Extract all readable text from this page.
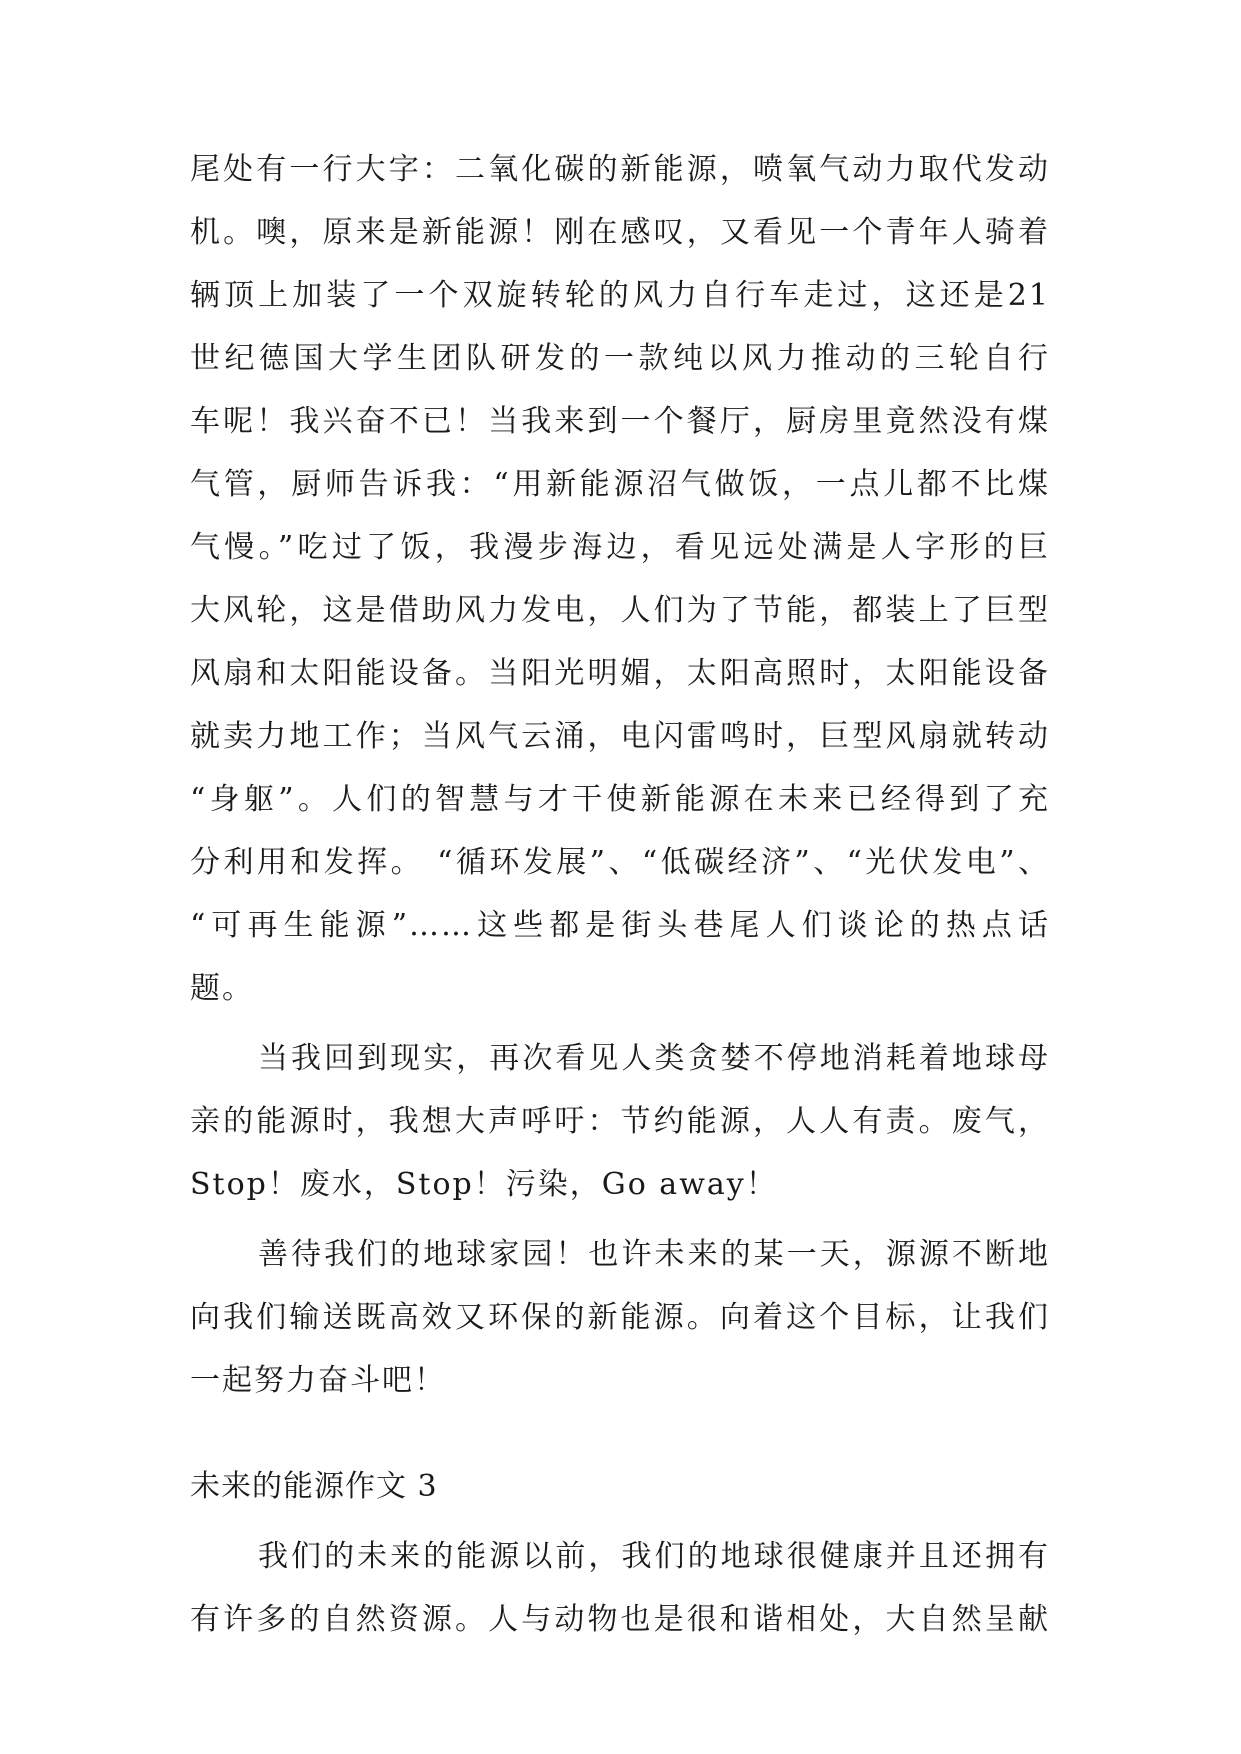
尾处有一行大字：二氧化碳的新能源，喷氧气动力取代发动
机。噢，原来是新能源！刚在感叹，又看见一个青年人骑着
辆顶上加装了一个双旋转轮的风力自行车走过，这还是21
世纪德国大学生团队研发的一款纯以风力推动的三轮自行
车呢！我兴奋不已！当我来到一个餐厅，厨房里竟然没有煤
气管，厨师告诉我：“用新能源沼气做饭，一点儿都不比煤
气慢。”吃过了饭，我漫步海边，看见远处满是人字形的巨
大风轮，这是借助风力发电，人们为了节能，都装上了巨型
风扇和太阳能设备。当阳光明媚，太阳高照时，太阳能设备
就卖力地工作；当风气云涌，电闪雷鸣时，巨型风扇就转动
“身躯”。人们的智慧与才干使新能源在未来已经得到了充
分利用和发挥。 “循环发展”、“低碳经济”、“光伏发电”、
“可再生能源”……这些都是街头巷尾人们谈论的热点话
题。
当我回到现实，再次看见人类贪婪不停地消耗着地球母
亲的能源时，我想大声呼吁：节约能源，人人有责。废气，
Stop！废水，Stop！污染，Go away！
善待我们的地球家园！也许未来的某一天，源源不断地
向我们输送既高效又环保的新能源。向着这个目标，让我们
一起努力奋斗吧！
未来的能源作文 3
我们的未来的能源以前，我们的地球很健康并且还拥有
有许多的自然资源。人与动物也是很和谐相处，大自然呈献
